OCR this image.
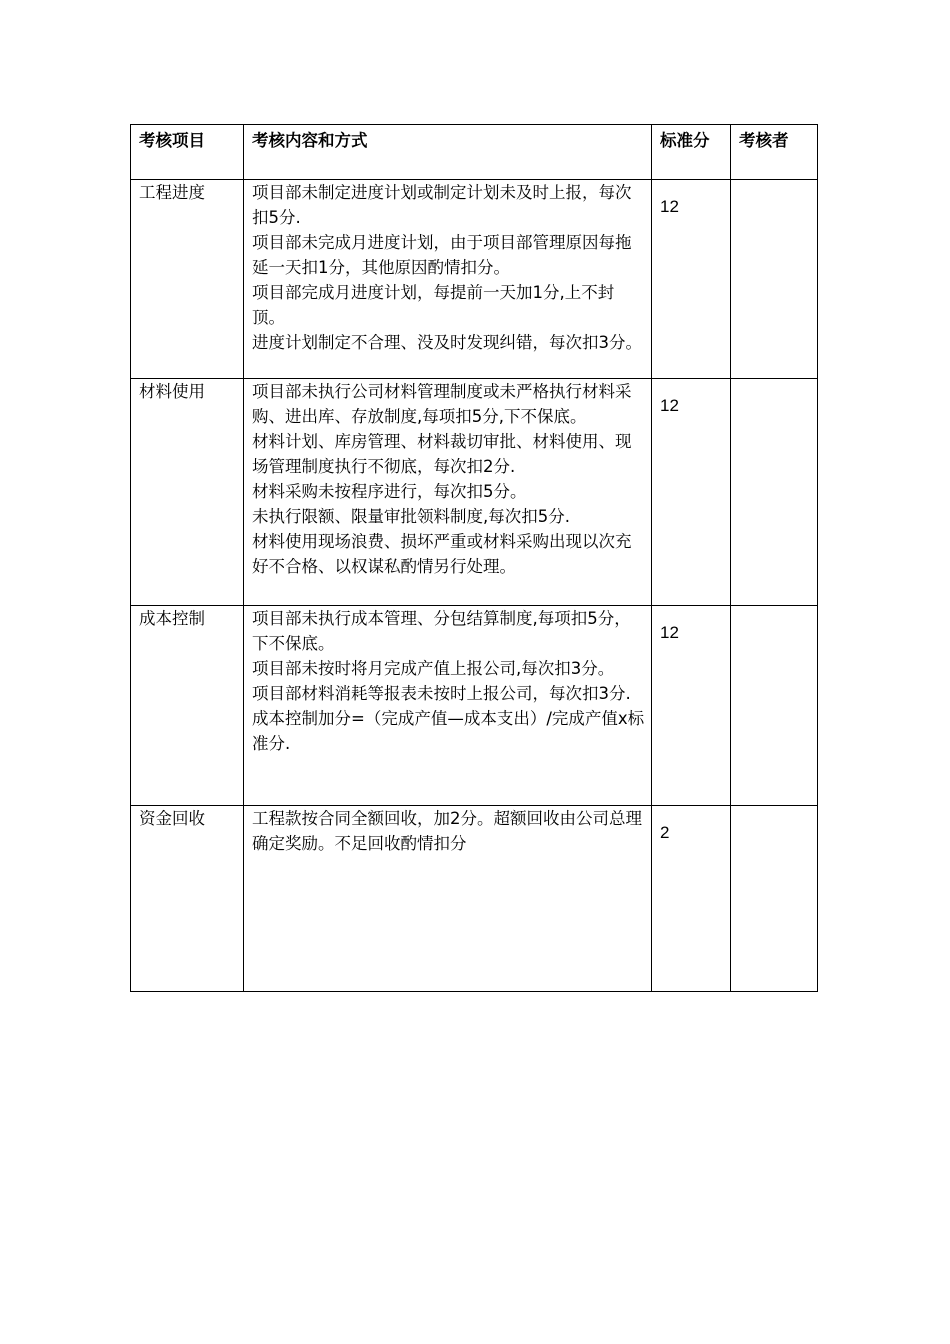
考核项目	考核内容和方式	标准分	考核者
工程进度	项目部未制定进度计划或制定计划未及时上报，每次扣5分.
项目部未完成月进度计划，由于项目部管理原因每拖延一天扣1分，其他原因酌情扣分。
项目部完成月进度计划，每提前一天加1分,上不封顶。
进度计划制定不合理、没及时发现纠错，每次扣3分。	12	
材料使用	项目部未执行公司材料管理制度或未严格执行材料采购、进出库、存放制度,每项扣5分,下不保底。
材料计划、库房管理、材料裁切审批、材料使用、现场管理制度执行不彻底，每次扣2分.
材料采购未按程序进行，每次扣5分。
未执行限额、限量审批领料制度,每次扣5分.
材料使用现场浪费、损坏严重或材料采购出现以次充好不合格、以权谋私酌情另行处理。	12	
成本控制	项目部未执行成本管理、分包结算制度,每项扣5分，下不保底。
项目部未按时将月完成产值上报公司,每次扣3分。
项目部材料消耗等报表未按时上报公司，每次扣3分.
成本控制加分=（完成产值—成本支出）/完成产值x标准分.	12	
资金回收	工程款按合同全额回收，加2分。超额回收由公司总理确定奖励。不足回收酌情扣分	2	
